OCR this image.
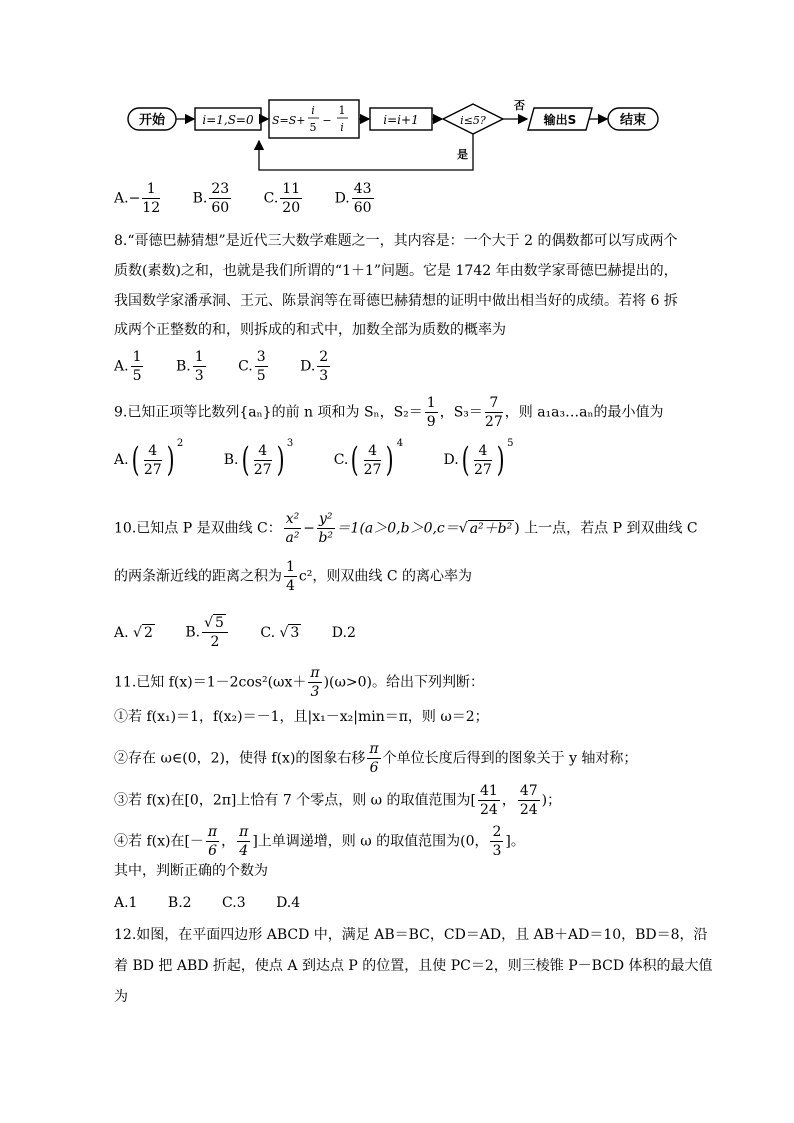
开始	i=1,S=0 S=S+
i
5
−
1
i
i=i+1	i≤5?
否
输出S	结束
是
$A.- \frac{1}{12} B$. $\frac{23}{60} C$. $\frac{11}{20} D$. $\frac{43}{60}$
8.“哥德巴赫猜想”是近代三大数学难题之一，其内容是：一个大于 2 的偶数都可以写成两个
质数(素数)之和，也就是我们所谓的“1＋1”问题。它是 1742 年由数学家哥德巴赫提出的，
我国数学家潘承洞、王元、陈景润等在哥德巴赫猜想的证明中做出相当好的成绩。若将 6 拆
成两个正整数的和，则拆成的和式中，加数全部为质数的概率为
A. $\frac{1}{5} B$. $\frac{1}{3} C$. $\frac{3}{5} D$. $\frac{2}{3}$
9.已知正项等比数列{aₙ}的前 n 项和为 Sₙ，$S_2= \frac{1}{9}$ ，$S_3= \frac{7}{27}$ ，则 a₁a₃…aₙ的最小值为
$A.( \frac{4}{27}$ ) $^2$ $B.( \frac{4}{27}$ ) $^3$ $C.( \frac{4}{27}$ ) $^4$ $D.( \frac{4}{27}$ ) $^5$
10.已知点 P 是双曲线 C： $\frac{\text{x²}}{\text{a²}} - \frac{\text{y²}}{\text{b²}} =1(a>0,b>0,c=√$ a²＋b² ) 上一点，若点 P 到双曲线 C
的两条渐近线的距离之积为 $\frac{1}{4} c^2$，则双曲线 C 的离心率为
A. √ 2 B. $\frac{√ 5}{2} C$. √ 3 D.2
11.已知 $f(x)=1-2\cos^2(\omega x+ \frac{\pi}{3} )(\omega>0)$。给出下列判断：
①若 f(x₁)＝1，f(x₂)＝－1，且|x₁－x₂|min＝π，则 ω＝2；
②存在 ω∈(0，2)，使得 f(x)的图象右移 $\frac{\pi}{6}$ 个单位长度后得到的图象关于 y 轴对称；
③若 f(x)在[0，2π]上恰有 7 个零点，则 ω 的取值范围为[ $\frac{41}{24}$ ， $\frac{47}{24}$ )；
④若 f(x)在[－ $\frac{\pi}{6}$ ， $\frac{\pi}{4}$ ]上单调递增，则 ω 的取值范围为(0， $\frac{2}{3}$ ]。
其中，判断正确的个数为
A.1 B.2 C.3 D.4
12.如图，在平面四边形 ABCD 中，满足 AB＝BC，CD＝AD，且 AB＋AD＝10，BD＝8，沿
着 BD 把 ABD 折起，使点 A 到达点 P 的位置，且使 PC＝2，则三棱锥 P－BCD 体积的最大值
为
